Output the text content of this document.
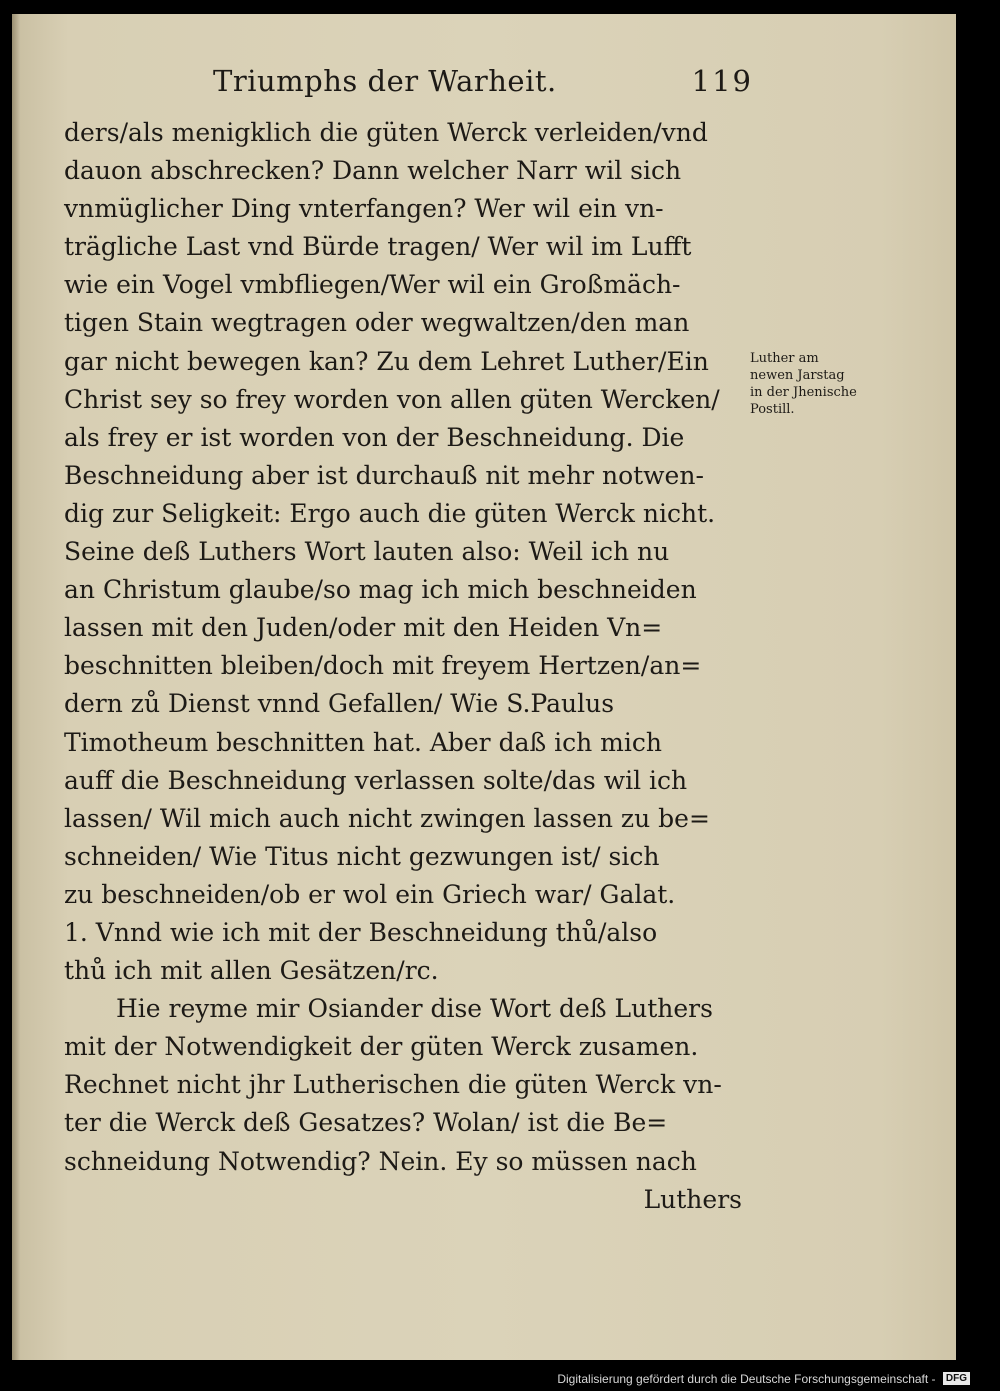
Triumphs der Warheit.	119
ders/als menigklich die güten Werck verleiden/vnd
dauon abschrecken? Dann welcher Narr wil sich
vnmüglicher Ding vnterfangen? Wer wil ein vn-
trägliche Last vnd Bürde tragen/ Wer wil im Lufft
wie ein Vogel vmbfliegen/Wer wil ein Großmäch-
tigen Stain wegtragen oder wegwaltzen/den man
gar nicht bewegen kan? Zu dem Lehret Luther/Ein
Christ sey so frey worden von allen güten Wercken/
als frey er ist worden von der Beschneidung. Die
Beschneidung aber ist durchauß nit mehr notwen-
dig zur Seligkeit: Ergo auch die güten Werck nicht.
Seine deß Luthers Wort lauten also: Weil ich nu
an Christum glaube/so mag ich mich beschneiden
lassen mit den Juden/oder mit den Heiden Vn=
beschnitten bleiben/doch mit freyem Hertzen/an=
dern zů Dienst vnnd Gefallen/ Wie S.Paulus
Timotheum beschnitten hat. Aber daß ich mich
auff die Beschneidung verlassen solte/das wil ich
lassen/ Wil mich auch nicht zwingen lassen zu be=
schneiden/ Wie Titus nicht gezwungen ist/ sich
zu beschneiden/ob er wol ein Griech war/ Galat.
1. Vnnd wie ich mit der Beschneidung thů/also
thů ich mit allen Gesätzen/rc.
Hie reyme mir Osiander dise Wort deß Luthers
mit der Notwendigkeit der güten Werck zusamen.
Rechnet nicht jhr Lutherischen die güten Werck vn-
ter die Werck deß Gesatzes? Wolan/ ist die Be=
schneidung Notwendig? Nein. Ey so müssen nach
Luthers
Luther am
newen Jarstag
in der Jhenische
Postill.
Digitalisierung gefördert durch die Deutsche Forschungsgemeinschaft - DFG
